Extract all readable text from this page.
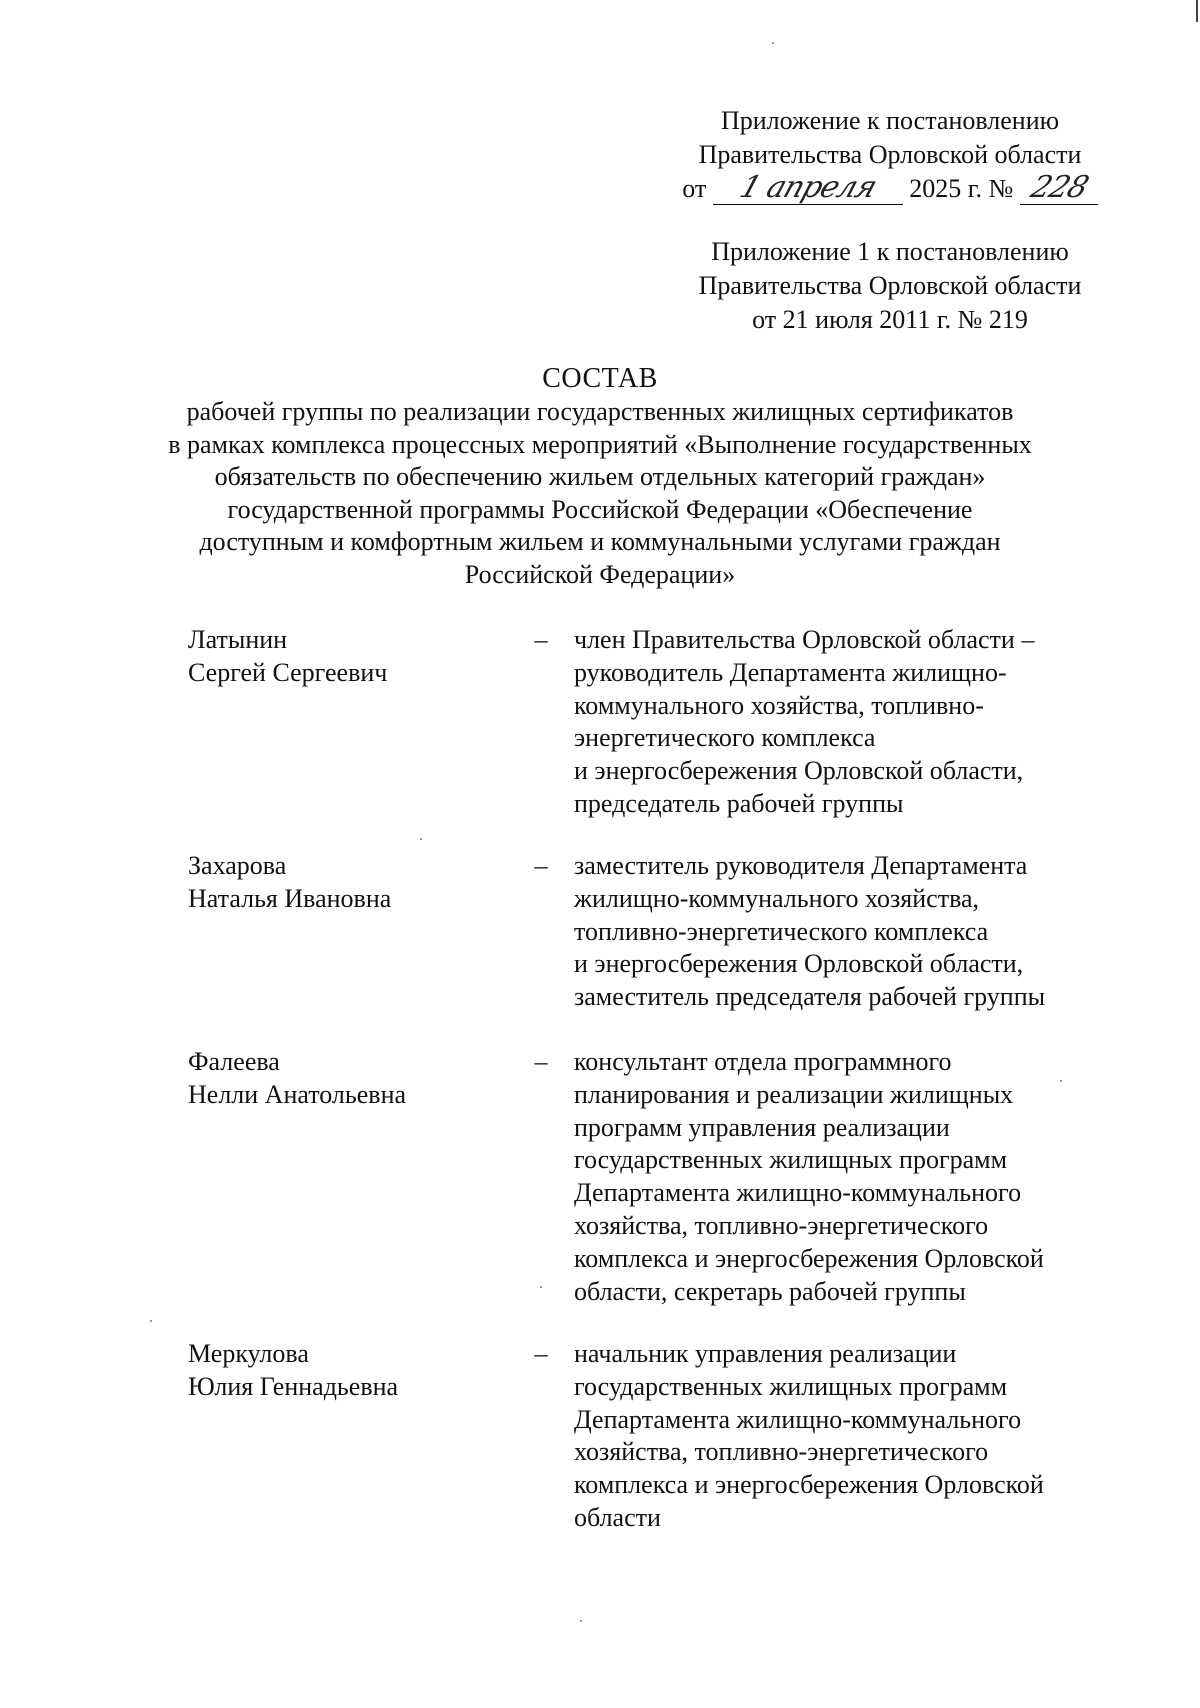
Приложение к постановлению
Правительства Орловской области
от 1 апреля 2025 г. № 228
Приложение 1 к постановлению
Правительства Орловской области
от 21 июля 2011 г. № 219
СОСТАВ
рабочей группы по реализации государственных жилищных сертификатов
в рамках комплекса процессных мероприятий «Выполнение государственных
обязательств по обеспечению жильем отдельных категорий граждан»
государственной программы Российской Федерации «Обеспечение
доступным и комфортным жильем и коммунальными услугами граждан
Российской Федерации»
Латынин
Сергей Сергеевич
–	член Правительства Орловской области –
руководитель Департамента жилищно-
коммунального хозяйства, топливно-
энергетического комплекса
и энергосбережения Орловской области,
председатель рабочей группы
Захарова
Наталья Ивановна
–	заместитель руководителя Департамента
жилищно-коммунального хозяйства,
топливно-энергетического комплекса
и энергосбережения Орловской области,
заместитель председателя рабочей группы
Фалеева
Нелли Анатольевна
–	консультант отдела программного
планирования и реализации жилищных
программ управления реализации
государственных жилищных программ
Департамента жилищно-коммунального
хозяйства, топливно-энергетического
комплекса и энергосбережения Орловской
области, секретарь рабочей группы
Меркулова
Юлия Геннадьевна
–	начальник управления реализации
государственных жилищных программ
Департамента жилищно-коммунального
хозяйства, топливно-энергетического
комплекса и энергосбережения Орловской
области
